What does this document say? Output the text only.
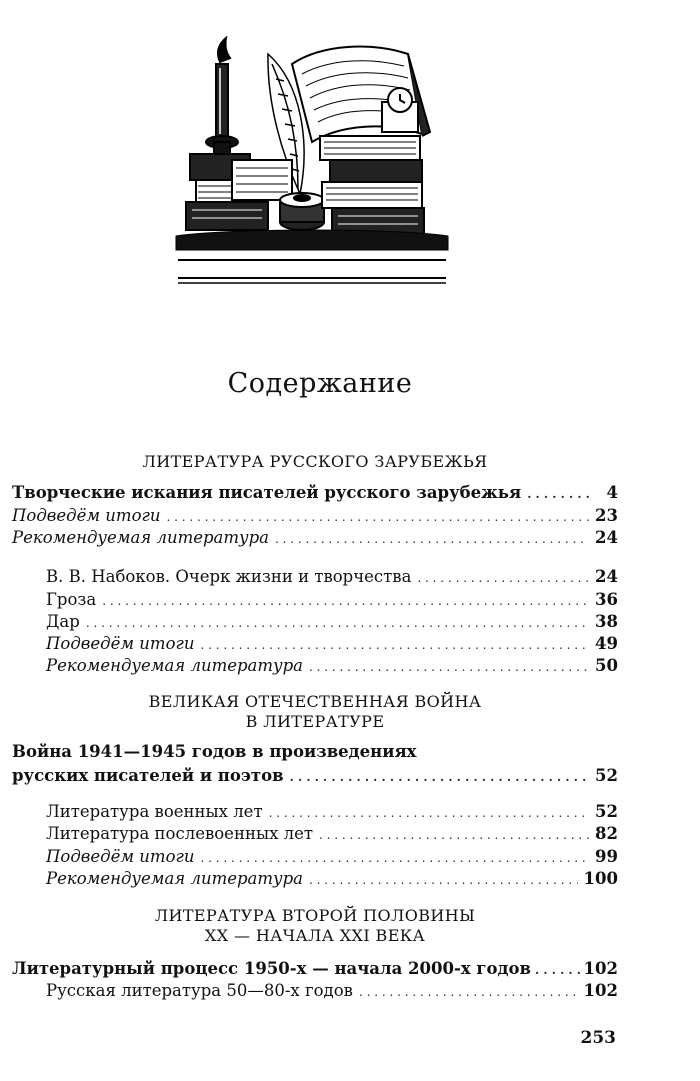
Содержание
ЛИТЕРАТУРА РУССКОГО ЗАРУБЕЖЬЯ
Творческие искания писателей русского зарубежья . . .	4
Подведём итоги . . .	23
Рекомендуемая литература . . .	24
В. В. Набоков. Очерк жизни и творчества . . .	24
Гроза . . .	36
Дар . . .	38
Подведём итоги . . .	49
Рекомендуемая литература . . .	50
ВЕЛИКАЯ ОТЕЧЕСТВЕННАЯ ВОЙНА
В ЛИТЕРАТУРЕ
Война 1941—1945 годов в произведениях
русских писателей и поэтов . . .	52
Литература военных лет . . .	52
Литература послевоенных лет . . .	82
Подведём итоги . . .	99
Рекомендуемая литература . . .	100
ЛИТЕРАТУРА ВТОРОЙ ПОЛОВИНЫ
XX — НАЧАЛА XXI ВЕКА
Литературный процесс 1950-х — начала 2000-х годов . . .	102
Русская литература 50—80-х годов . . .	102
253
